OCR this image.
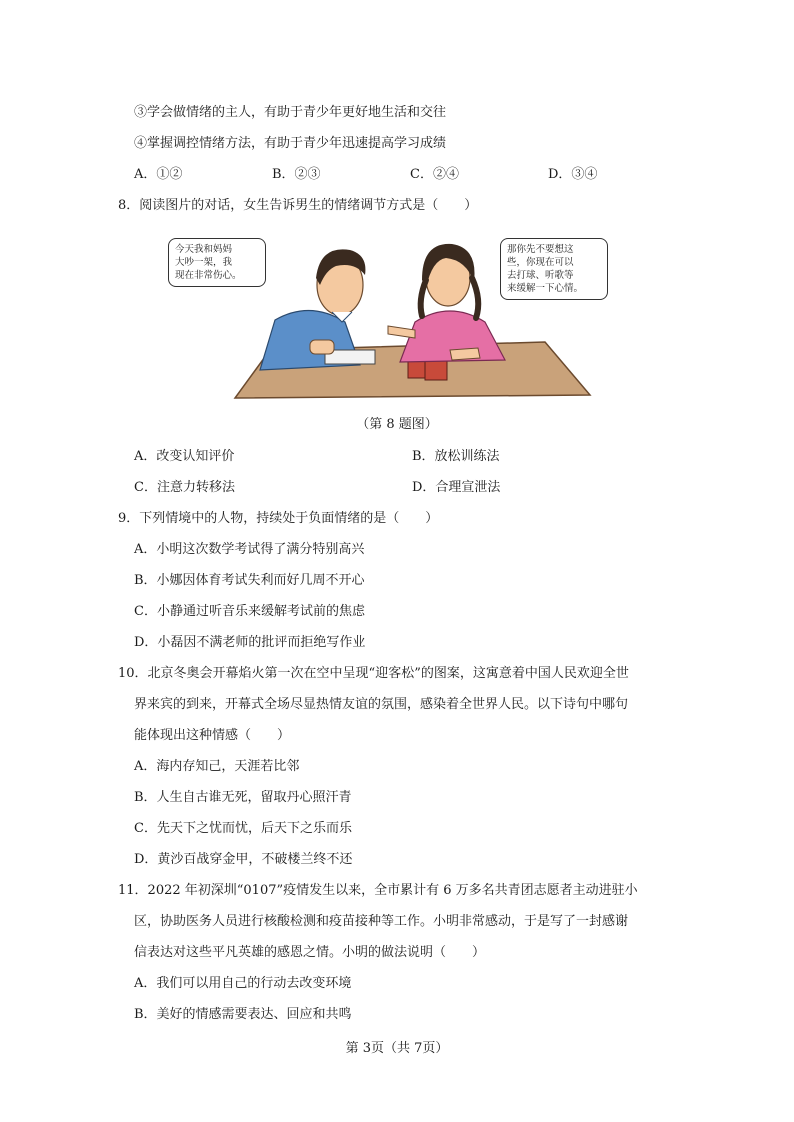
③学会做情绪的主人，有助于青少年更好地生活和交往
④掌握调控情绪方法，有助于青少年迅速提高学习成绩
A．①②	B．②③	C．②④	D．③④
8．阅读图片的对话，女生告诉男生的情绪调节方式是（　　）
今天我和妈妈
大吵一架，我
现在非常伤心。
那你先不要想这
些，你现在可以
去打球、听歌等
来缓解一下心情。
（第 8 题图）
A．改变认知评价	B．放松训练法
C．注意力转移法	D．合理宣泄法
9．下列情境中的人物，持续处于负面情绪的是（　　）
A．小明这次数学考试得了满分特别高兴
B．小娜因体育考试失利而好几周不开心
C．小静通过听音乐来缓解考试前的焦虑
D．小磊因不满老师的批评而拒绝写作业
10．北京冬奥会开幕焰火第一次在空中呈现“迎客松”的图案，这寓意着中国人民欢迎全世
界来宾的到来，开幕式全场尽显热情友谊的氛围，感染着全世界人民。以下诗句中哪句
能体现出这种情感（　　）
A．海内存知己，天涯若比邻
B．人生自古谁无死，留取丹心照汗青
C．先天下之忧而忧，后天下之乐而乐
D．黄沙百战穿金甲，不破楼兰终不还
11．2022 年初深圳“0107”疫情发生以来，全市累计有 6 万多名共青团志愿者主动进驻小
区，协助医务人员进行核酸检测和疫苗接种等工作。小明非常感动，于是写了一封感谢
信表达对这些平凡英雄的感恩之情。小明的做法说明（　　）
A．我们可以用自己的行动去改变环境
B．美好的情感需要表达、回应和共鸣
第 3页（共 7页）
